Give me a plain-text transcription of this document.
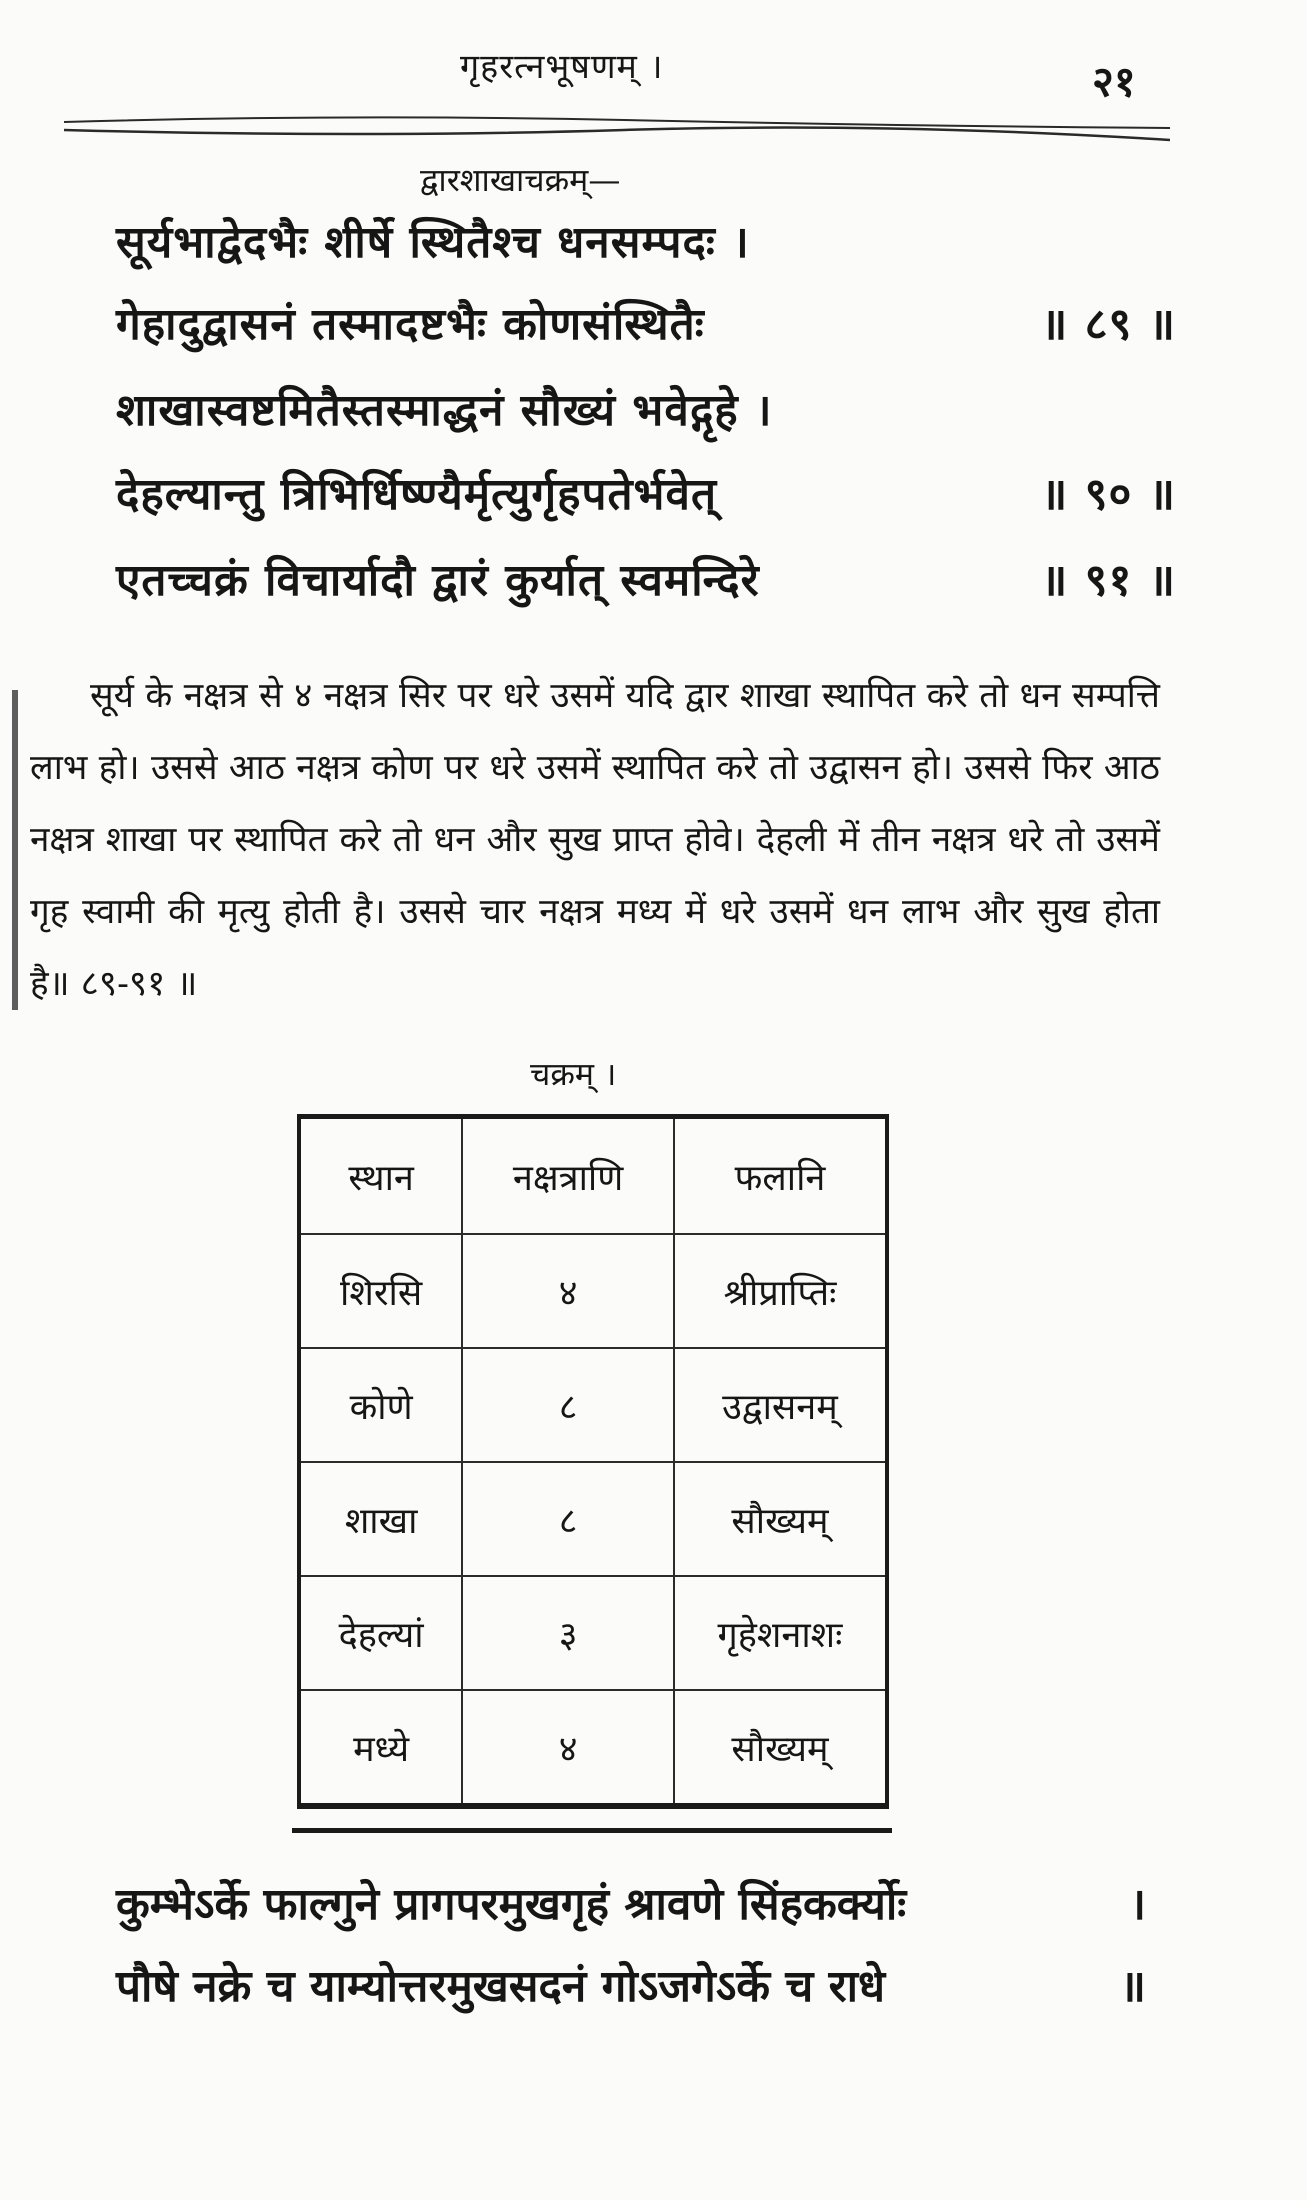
गृहरत्नभूषणम् ।	२१
द्वारशाखाचक्रम्—
सूर्यभाद्वेदभैः शीर्षे स्थितैश्च धनसम्पदः ।
गेहादुद्वासनं तस्मादष्टभैः कोणसंस्थितैः	॥ ८९ ॥
शाखास्वष्टमितैस्तस्माद्धनं सौख्यं भवेद्गृहे ।
देहल्यान्तु त्रिभिर्धिष्ण्यैर्मृत्युर्गृहपतेर्भवेत्	॥ ९० ॥
एतच्चक्रं विचार्यादौ द्वारं कुर्यात् स्वमन्दिरे	॥ ९१ ॥

सूर्य के नक्षत्र से ४ नक्षत्र सिर पर धरे उसमें यदि द्वार शाखा स्थापित करे तो धन सम्पत्ति लाभ हो। उससे आठ नक्षत्र कोण पर धरे उसमें स्थापित करे तो उद्वासन हो। उससे फिर आठ नक्षत्र शाखा पर स्थापित करे तो धन और सुख प्राप्त होवे। देहली में तीन नक्षत्र धरे तो उसमें गृह स्वामी की मृत्यु होती है। उससे चार नक्षत्र मध्य में धरे उसमें धन लाभ और सुख होता है॥ ८९-९१ ॥

चक्रम् ।
स्थान	नक्षत्राणि	फलानि
शिरसि	४	श्रीप्राप्तिः
कोणे	८	उद्वासनम्
शाखा	८	सौख्यम्
देहल्यां	३	गृहेशनाशः
मध्ये	४	सौख्यम्
कुम्भेऽर्के फाल्गुने प्रागपरमुखगृहं श्रावणे सिंहकर्क्योः	।
पौषे नक्रे च याम्योत्तरमुखसदनं गोऽजगेऽर्के च राधे	॥
